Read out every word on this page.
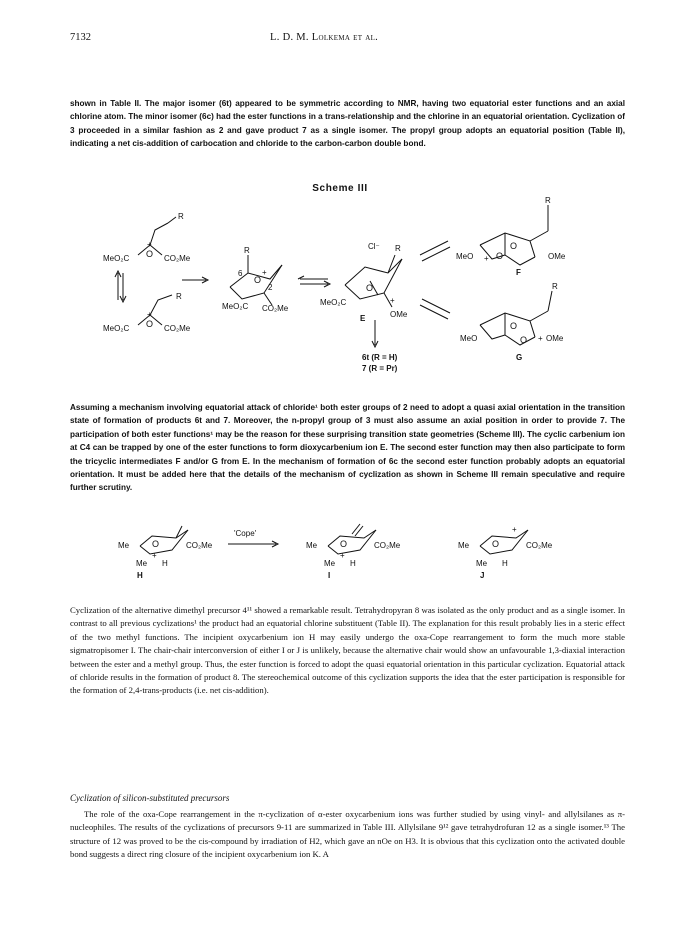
7132	L. D. M. Lolkema et al.
shown in Table II. The major isomer (6t) appeared to be symmetric according to NMR, having two equatorial ester functions and an axial chlorine atom. The minor isomer (6c) had the ester functions in a trans-relationship and the chlorine in an equatorial orientation. Cyclization of 3 proceeded in a similar fashion as 2 and gave product 7 as a single isomer. The propyl group adopts an equatorial position (Table II), indicating a net cis-addition of carbocation and chloride to the carbon-carbon double bond.
Scheme III
MeO₂C O
+
CO₂Me
R
MeO₂C O
+
CO₂Me
R
R
6
2
+
O
MeO₂C CO₂Me
Cl⁻ R
MeO₂C
O
+
E	OMe
6t (R = H)
7 (R = Pr)
R
O
O
MeO +	OMe
F
R
O
O
MeO	+ OMe
G
Assuming a mechanism involving equatorial attack of chloride¹ both ester groups of 2 need to adopt a quasi axial orientation in the transition state of formation of products 6t and 7. Moreover, the n-propyl group of 3 must also assume an axial position in order to provide 7. The participation of both ester functions¹ may be the reason for these surprising transition state geometries (Scheme III). The cyclic carbenium ion at C4 can be trapped by one of the ester functions to form dioxycarbenium ion E. The second ester function may then also participate to form the tricyclic intermediates F and/or G from E. In the mechanism of formation of 6c the second ester function probably adopts an equatorial orientation. It must be added here that the details of the mechanism of cyclization as shown in Scheme III remain speculative and require further scrutiny.
Me	O
+
CO₂Me
Me H
H
'Cope'
Me	O
+
CO₂Me
Me H
I
Me	O
+
CO₂Me
Me H
J
Cyclization of the alternative dimethyl precursor 4¹¹ showed a remarkable result. Tetrahydropyran 8 was isolated as the only product and as a single isomer. In contrast to all previous cyclizations¹ the product had an equatorial chlorine substituent (Table II). The explanation for this result probably lies in a steric effect of the two methyl functions. The incipient oxycarbenium ion H may easily undergo the oxa-Cope rearrangement to form the much more stable sigmatropisomer I. The chair-chair interconversion of either I or J is unlikely, because the alternative chair would show an unfavourable 1,3-diaxial interaction between the ester and a methyl group. Thus, the ester function is forced to adopt the quasi equatorial orientation in this particular cyclization. Equatorial attack of chloride results in the formation of product 8. The stereochemical outcome of this cyclization supports the idea that the ester participation is responsible for the formation of 2,4-trans-products (i.e. net cis-addition).
Cyclization of silicon-substituted precursors
The role of the oxa-Cope rearrangement in the π-cyclization of α-ester oxycarbenium ions was further studied by using vinyl- and allylsilanes as π-nucleophiles. The results of the cyclizations of precursors 9-11 are summarized in Table III. Allylsilane 9¹² gave tetrahydrofuran 12 as a single isomer.¹³ The structure of 12 was proved to be the cis-compound by irradiation of H2, which gave an nOe on H3. It is obvious that this cyclization onto the activated double bond suggests a direct ring closure of the incipient oxycarbenium ion K. A
